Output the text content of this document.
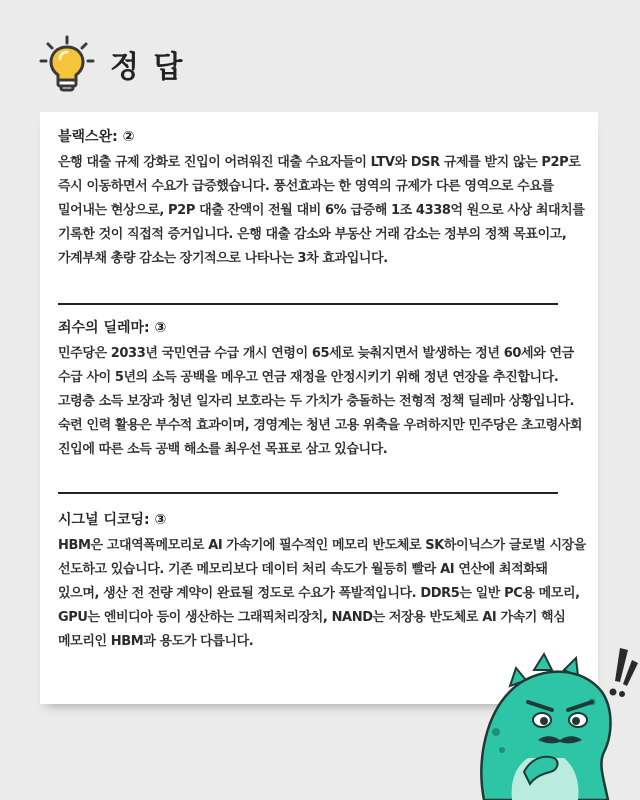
정 답
블랙스완: ②
은행 대출 규제 강화로 진입이 어려워진 대출 수요자들이 LTV와 DSR 규제를 받지 않는 P2P로 즉시 이동하면서 수요가 급증했습니다. 풍선효과는 한 영역의 규제가 다른 영역으로 수요를 밀어내는 현상으로, P2P 대출 잔액이 전월 대비 6% 급증해 1조 4338억 원으로 사상 최대치를 기록한 것이 직접적 증거입니다. 은행 대출 감소와 부동산 거래 감소는 정부의 정책 목표이고, 가계부채 총량 감소는 장기적으로 나타나는 3차 효과입니다.
죄수의 딜레마: ③
민주당은 2033년 국민연금 수급 개시 연령이 65세로 늦춰지면서 발생하는 정년 60세와 연금 수급 사이 5년의 소득 공백을 메우고 연금 재정을 안정시키기 위해 정년 연장을 추진합니다. 고령층 소득 보장과 청년 일자리 보호라는 두 가치가 충돌하는 전형적 정책 딜레마 상황입니다. 숙련 인력 활용은 부수적 효과이며, 경영계는 청년 고용 위축을 우려하지만 민주당은 초고령사회 진입에 따른 소득 공백 해소를 최우선 목표로 삼고 있습니다.
시그널 디코딩: ③
HBM은 고대역폭메모리로 AI 가속기에 필수적인 메모리 반도체로 SK하이닉스가 글로벌 시장을 선도하고 있습니다. 기존 메모리보다 데이터 처리 속도가 월등히 빨라 AI 연산에 최적화돼 있으며, 생산 전 전량 계약이 완료될 정도로 수요가 폭발적입니다. DDR5는 일반 PC용 메모리, GPU는 엔비디아 등이 생산하는 그래픽처리장치, NAND는 저장용 반도체로 AI 가속기 핵심 메모리인 HBM과 용도가 다릅니다.
